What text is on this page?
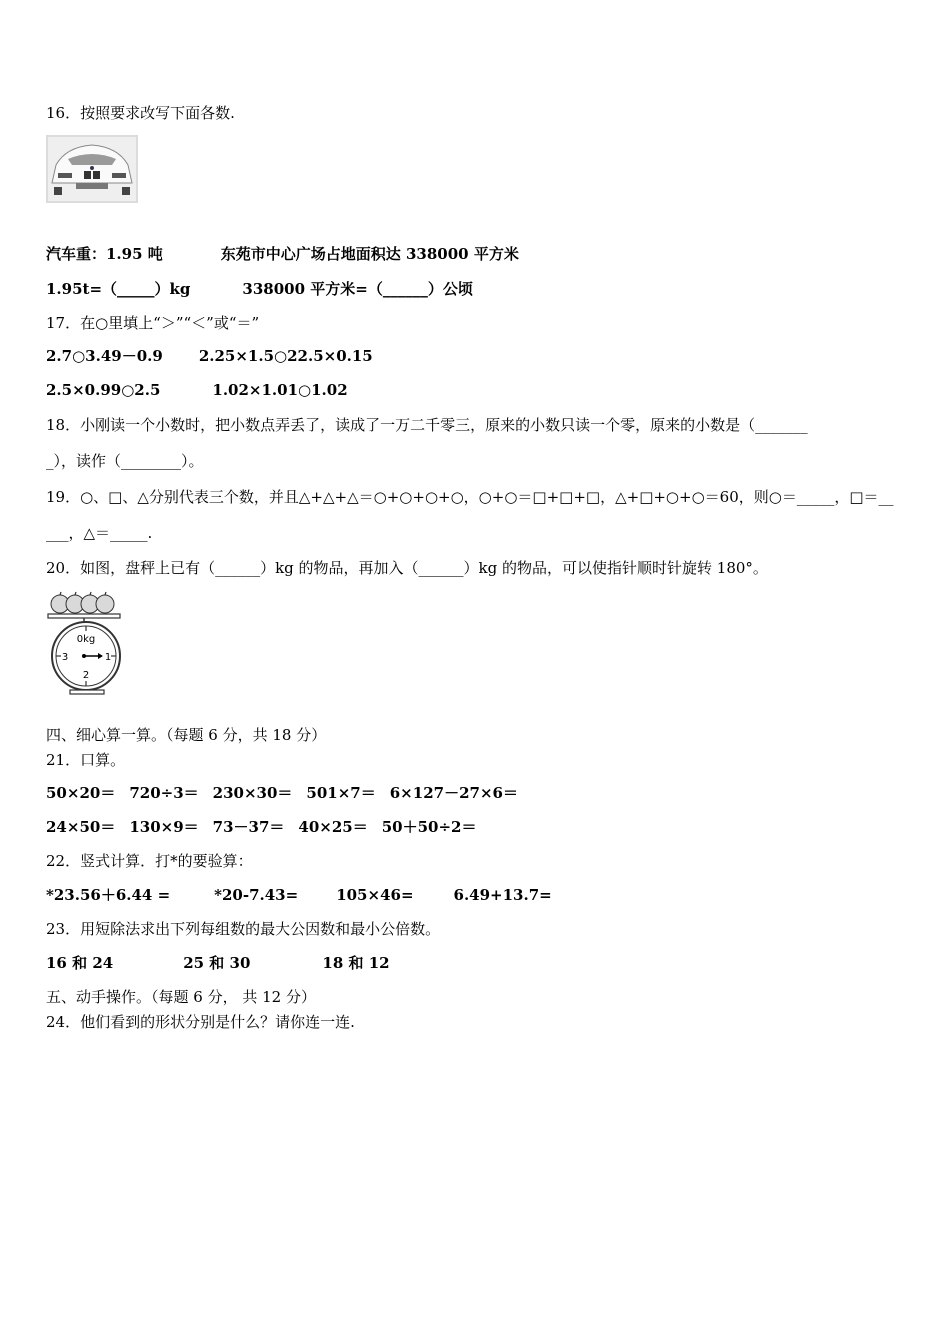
16．按照要求改写下面各数.
汽车重：1.95 吨	东苑市中心广场占地面积达 338000 平方米
1.95t=（_____）kg	338000 平方米=（______）公顷
17．在○里填上“＞”“＜”或“＝”
2.7○3.49－0.9 2.25×1.5○22.5×0.15
2.5×0.99○2.5	1.02×1.01○1.02
18．小刚读一个小数时，把小数点弄丢了，读成了一万二千零三，原来的小数只读一个零，原来的小数是（_______
_），读作（________）。
19．○、□、△分别代表三个数，并且△+△+△＝○+○+○+○，○+○＝□+□+□，△+□+○+○＝60，则○＝_____，□＝__
___，△＝_____.
20．如图，盘秤上已有（______）kg 的物品，再加入（______）kg 的物品，可以使指针顺时针旋转 180°。
0kg
3	1
2
四、细心算一算。（每题 6 分，共 18 分）
21．口算。
50×20＝ 720÷3＝ 230×30＝ 501×7＝ 6×127－27×6＝
24×50＝ 130×9＝ 73－37＝ 40×25＝ 50＋50÷2＝
22．竖式计算．打*的要验算：
*23.56＋6.44 =	*20-7.43=	105×46=	6.49+13.7=
23．用短除法求出下列每组数的最大公因数和最小公倍数。
16 和 24	25 和 30	18 和 12
五、动手操作。（每题 6 分， 共 12 分）
24．他们看到的形状分别是什么？请你连一连.
